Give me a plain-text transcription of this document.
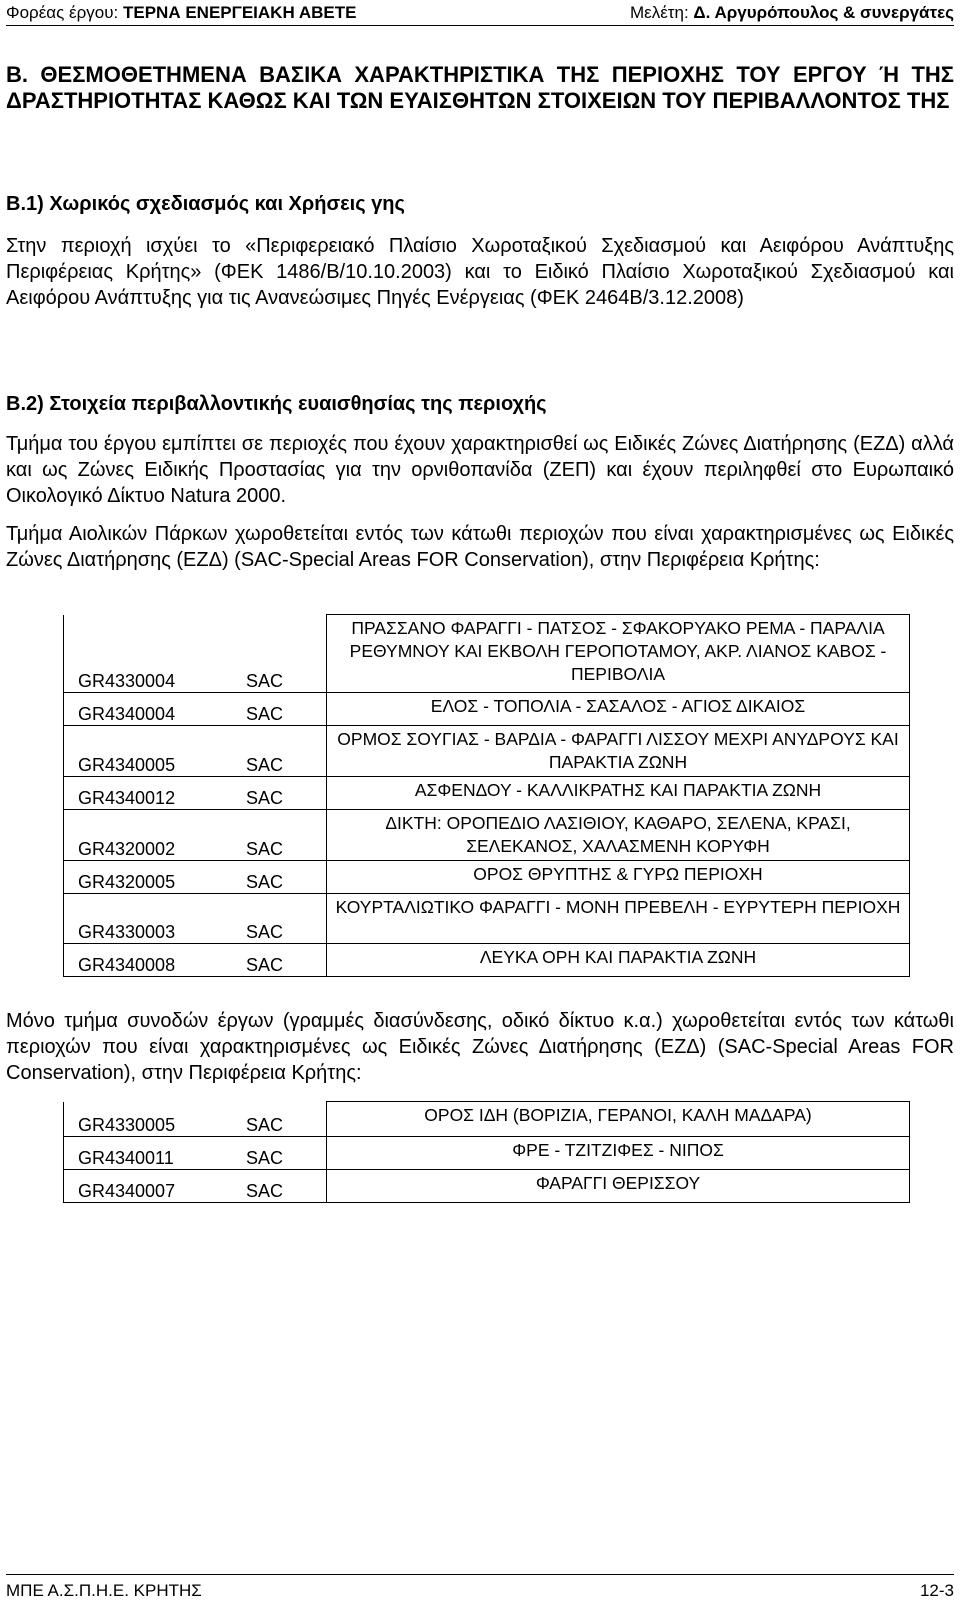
Φορέας έργου: ΤΕΡΝΑ ΕΝΕΡΓΕΙΑΚΗ ΑΒΕΤΕ	Μελέτη: Δ. Αργυρόπουλος & συνεργάτες
Β. ΘΕΣΜΟΘΕΤΗΜΕΝΑ ΒΑΣΙΚΑ ΧΑΡΑΚΤΗΡΙΣΤΙΚΑ ΤΗΣ ΠΕΡΙΟΧΗΣ ΤΟΥ ΕΡΓΟΥ Ή ΤΗΣ ΔΡΑΣΤΗΡΙΟΤΗΤΑΣ ΚΑΘΩΣ ΚΑΙ ΤΩΝ ΕΥΑΙΣΘΗΤΩΝ ΣΤΟΙΧΕΙΩΝ ΤΟΥ ΠΕΡΙΒΑΛΛΟΝΤΟΣ ΤΗΣ
Β.1) Χωρικός σχεδιασμός και Χρήσεις γης

Στην περιοχή ισχύει το «Περιφερειακό Πλαίσιο Χωροταξικού Σχεδιασμού και Αειφόρου Ανάπτυξης Περιφέρειας Κρήτης» (ΦΕΚ 1486/Β/10.10.2003) και το Ειδικό Πλαίσιο Χωροταξικού Σχεδιασμού και Αειφόρου Ανάπτυξης για τις Ανανεώσιμες Πηγές Ενέργειας (ΦΕΚ 2464Β/3.12.2008)

Β.2) Στοιχεία περιβαλλοντικής ευαισθησίας της περιοχής

Τμήμα του έργου εμπίπτει σε περιοχές που έχουν χαρακτηρισθεί ως Ειδικές Ζώνες Διατήρησης (ΕΖΔ) αλλά και ως Ζώνες Ειδικής Προστασίας για την ορνιθοπανίδα (ΖΕΠ) και έχουν περιληφθεί στο Ευρωπαικό Οικολογικό Δίκτυο Natura 2000.

Τμήμα Αιολικών Πάρκων χωροθετείται εντός των κάτωθι περιοχών που είναι χαρακτηρισμένες ως Ειδικές Ζώνες Διατήρησης (ΕΖΔ) (SAC-Special Areas FOR Conservation), στην Περιφέρεια Κρήτης:

GR4330004	SAC	ΠΡΑΣΣΑΝΟ ΦΑΡΑΓΓΙ - ΠΑΤΣΟΣ - ΣΦΑΚΟΡΥΑΚΟ ΡΕΜΑ - ΠΑΡΑΛΙΑ ΡΕΘΥΜΝΟΥ ΚΑΙ ΕΚΒΟΛΗ ΓΕΡΟΠΟΤΑΜΟΥ, ΑΚΡ. ΛΙΑΝΟΣ ΚΑΒΟΣ - ΠΕΡΙΒΟΛΙΑ
GR4340004	SAC	ΕΛΟΣ - ΤΟΠΟΛΙΑ - ΣΑΣΑΛΟΣ - ΑΓΙΟΣ ΔΙΚΑΙΟΣ
GR4340005	SAC	ΟΡΜΟΣ ΣΟΥΓΙΑΣ - ΒΑΡΔΙΑ - ΦΑΡΑΓΓΙ ΛΙΣΣΟΥ ΜΕΧΡΙ ΑΝΥΔΡΟΥΣ ΚΑΙ ΠΑΡΑΚΤΙΑ ΖΩΝΗ
GR4340012	SAC	ΑΣΦΕΝΔΟΥ - ΚΑΛΛΙΚΡΑΤΗΣ ΚΑΙ ΠΑΡΑΚΤΙΑ ΖΩΝΗ
GR4320002	SAC	ΔΙΚΤΗ: ΟΡΟΠΕΔΙΟ ΛΑΣΙΘΙΟΥ, ΚΑΘΑΡΟ, ΣΕΛΕΝΑ, ΚΡΑΣΙ, ΣΕΛΕΚΑΝΟΣ, ΧΑΛΑΣΜΕΝΗ ΚΟΡΥΦΗ
GR4320005	SAC	ΟΡΟΣ ΘΡΥΠΤΗΣ & ΓΥΡΩ ΠΕΡΙΟΧΗ
GR4330003	SAC	ΚΟΥΡΤΑΛΙΩΤΙΚΟ ΦΑΡΑΓΓΙ - ΜΟΝΗ ΠΡΕΒΕΛΗ - ΕΥΡΥΤΕΡΗ ΠΕΡΙΟΧΗ
GR4340008	SAC	ΛΕΥΚΑ ΟΡΗ ΚΑΙ ΠΑΡΑΚΤΙΑ ΖΩΝΗ

Μόνο τμήμα συνοδών έργων (γραμμές διασύνδεσης, οδικό δίκτυο κ.α.) χωροθετείται εντός των κάτωθι περιοχών που είναι χαρακτηρισμένες ως Ειδικές Ζώνες Διατήρησης (ΕΖΔ) (SAC-Special Areas FOR Conservation), στην Περιφέρεια Κρήτης:

GR4330005	SAC	ΟΡΟΣ ΙΔΗ (ΒΟΡΙΖΙΑ, ΓΕΡΑΝΟΙ, ΚΑΛΗ ΜΑΔΑΡΑ)
GR4340011	SAC	ΦΡΕ - ΤΖΙΤΖΙΦΕΣ - ΝΙΠΟΣ
GR4340007	SAC	ΦΑΡΑΓΓΙ ΘΕΡΙΣΣΟΥ
ΜΠΕ Α.Σ.Π.Η.Ε. ΚΡΗΤΗΣ	12-3
